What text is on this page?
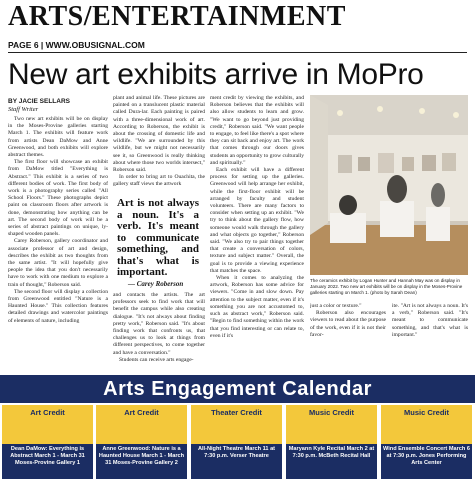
ARTS/ENTERTAINMENT
PAGE 6 | WWW.OBUSIGNAL.COM
New art exhibits arrive in MoPro
BY JACIE SELLARS
Staff Writer

Two new art exhibits will be on display in the Moses-Provine galleries starting March 1. The exhibits will feature work from artists Dean DaMow and Anne Greenwood, and both exhibits will explore abstract themes.

The first floor will showcase an exhibit from DaMow titled "Everything is Abstract." This exhibit is a series of two different bodies of work. The first body of work is a photography series called "All School Floors." These photographs depict paint on classroom floors after artwork is done, demonstrating how anything can be art. The second body of work will be a series of abstract paintings on unique, ly-shaped wooden panels.

Carey Roberson, gallery coordinator and associate professor of art and design, describes the exhibit as two thoughts from the same artist. "It will hopefully give people the idea that you don't necessarily have to work with one medium to explore a train of thought," Roberson said.

The second floor will display a collection from Greenwood entitled "Nature is a Haunted House." This collection features detailed drawings and watercolor paintings of elements of nature, including

plant and animal life. These pictures are painted on a translucent plastic material called Dura-lar. Each painting is paired with a three-dimensional work of art. According to Roberson, the exhibit is about the crossing of domestic life and wildlife. "We are surrounded by this wildlife, but we might not necessarily see it, so Greenwood is really thinking about where those two worlds intersect," Roberson said.

In order to bring art to Ouachita, the gallery staff views the artwork

Art is not always a noun. It's a verb. It's meant to communicate something, and that's what is important.
— Carey Roberson

and contacts the artists. The art professors seek to find work that will benefit the campus while also creating dialogue. "It's not always about finding pretty work," Roberson said. "It's about finding work that confronts us, that challenges us to look at things from different perspectives, to come together and have a conversation."

Students can receive arts engage-

ment credit by viewing the exhibits, and Roberson believes that the exhibits will also allow students to learn and grow. "We want to go beyond just providing credit," Roberson said. "We want people to engage, to feel like there's a spot where they can sit back and enjoy art. The work that comes through our doors gives students an opportunity to grow culturally and spiritually."

Each exhibit will have a different process for setting up the galleries. Greenwood will help arrange her exhibit, while the first-floor exhibit will be arranged by faculty and student volunteers. There are many factors to consider when setting up an exhibit. "We try to think about the gallery flow, how someone would walk through the gallery and what objects go together," Roberson said. "We also try to pair things together that create a conversation of colors, texture and subject matter." Overall, the goal is to provide a viewing experience that matches the space.

When it comes to analyzing the artwork, Roberson has some advice for viewers. "Come in and slow down. Pay attention to the subject matter, even if it's something you are not accustomed to, such as abstract work," Roberson said. "Begin to find something within the work that you find interesting or can relate to, even if it's

The ceramics exhibit by Logan Hunter and Hannah May was on display in January 2022. Two new art exhibits will be on display in the Moses-Provine galleries starting on March 1. (photo by Sarah Dean)

just a color or texture."

Roberson also encourages viewers to read about the purpose of the work, even if it is not their favor-

ite. "Art is not always a noun. It's a verb," Roberson said. "It's meant to communicate something, and that's what is important."

Arts Engagement Calendar
Art Credit
Dean DaMow: Everything is Abstract March 1 - March 31 Moses-Provine Gallery 1
Art Credit
Anne Greenwood: Nature is a Haunted House March 1 - March 31 Moses-Provine Gallery 2
Theater Credit
All-Night Theatre March 11 at 7:30 p.m. Verser Theatre
Music Credit
Maryann Kyle Recital March 2 at 7:30 p.m. McBeth Recital Hall
Music Credit
Wind Ensemble Concert March 6 at 7:30 p.m. Jones Performing Arts Center
